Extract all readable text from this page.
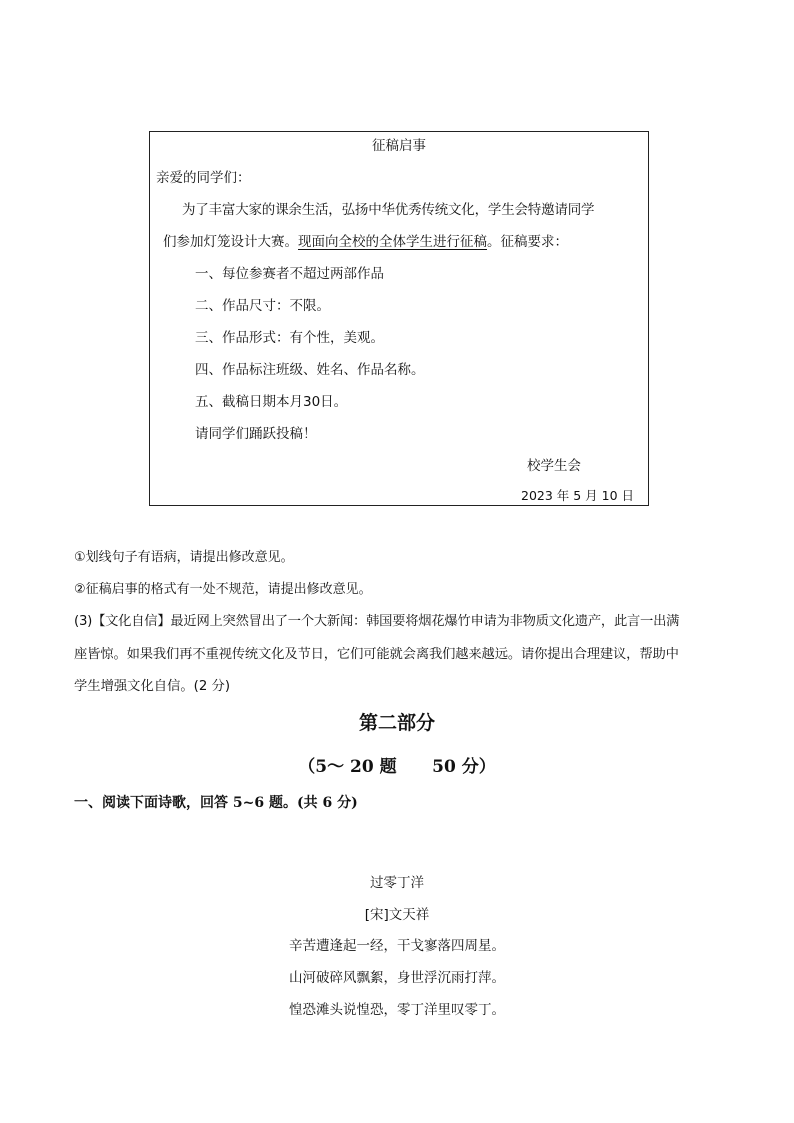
征稿启事
亲爱的同学们：
为了丰富大家的课余生活，弘扬中华优秀传统文化，学生会特邀请同学
们参加灯笼设计大赛。现面向全校的全体学生进行征稿。征稿要求：
一、每位参赛者不超过两部作品
二、作品尺寸：不限。
三、作品形式：有个性，美观。
四、作品标注班级、姓名、作品名称。
五、截稿日期本月30日。
请同学们踊跃投稿！
校学生会
2023 年 5 月 10 日
①划线句子有语病，请提出修改意见。
②征稿启事的格式有一处不规范，请提出修改意见。
(3)【文化自信】最近网上突然冒出了一个大新闻：韩国要将烟花爆竹申请为非物质文化遗产，此言一出满
座皆惊。如果我们再不重视传统文化及节日，它们可能就会离我们越来越远。请你提出合理建议，帮助中
学生增强文化自信。(2 分)
第二部分
（5～ 20 题      50 分）
一、阅读下面诗歌，回答 5~6 题。(共 6 分)
过零丁洋
[宋]文天祥
辛苦遭逢起一经，干戈寥落四周星。
山河破碎风飘絮，身世浮沉雨打萍。
惶恐滩头说惶恐，零丁洋里叹零丁。
